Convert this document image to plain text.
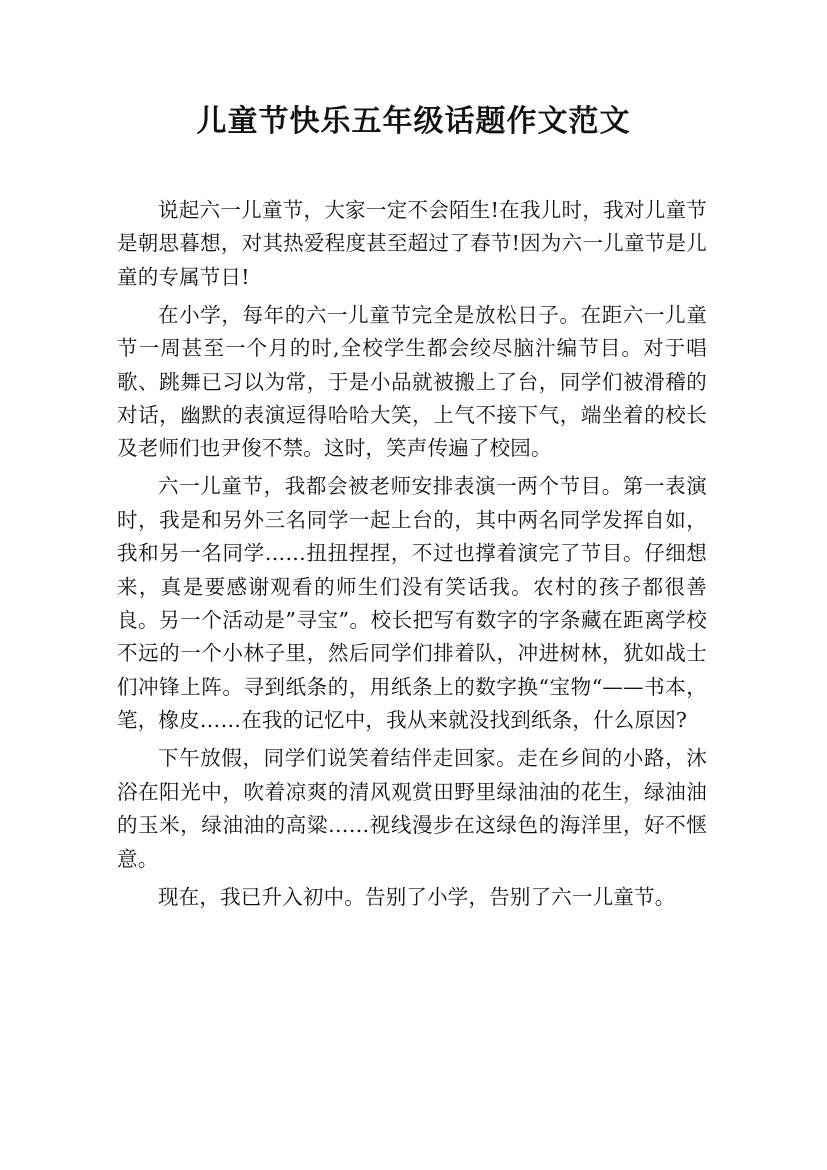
儿童节快乐五年级话题作文范文

说起六一儿童节，大家一定不会陌生!在我儿时，我对儿童节是朝思暮想，对其热爱程度甚至超过了春节!因为六一儿童节是儿童的专属节日!

在小学，每年的六一儿童节完全是放松日子。在距六一儿童节一周甚至一个月的时,全校学生都会绞尽脑汁编节目。对于唱歌、跳舞已习以为常，于是小品就被搬上了台，同学们被滑稽的对话，幽默的表演逗得哈哈大笑，上气不接下气，端坐着的校长及老师们也尹俊不禁。这时，笑声传遍了校园。

六一儿童节，我都会被老师安排表演一两个节目。第一表演时，我是和另外三名同学一起上台的，其中两名同学发挥自如，我和另一名同学……扭扭捏捏，不过也撑着演完了节目。仔细想来，真是要感谢观看的师生们没有笑话我。农村的孩子都很善良。另一个活动是”寻宝”。校长把写有数字的字条藏在距离学校不远的一个小林子里，然后同学们排着队，冲进树林，犹如战士们冲锋上阵。寻到纸条的，用纸条上的数字换“宝物“——书本，笔，橡皮……在我的记忆中，我从来就没找到纸条，什么原因?

下午放假，同学们说笑着结伴走回家。走在乡间的小路，沐浴在阳光中，吹着凉爽的清风观赏田野里绿油油的花生，绿油油的玉米，绿油油的高粱……视线漫步在这绿色的海洋里，好不惬意。

现在，我已升入初中。告别了小学，告别了六一儿童节。
